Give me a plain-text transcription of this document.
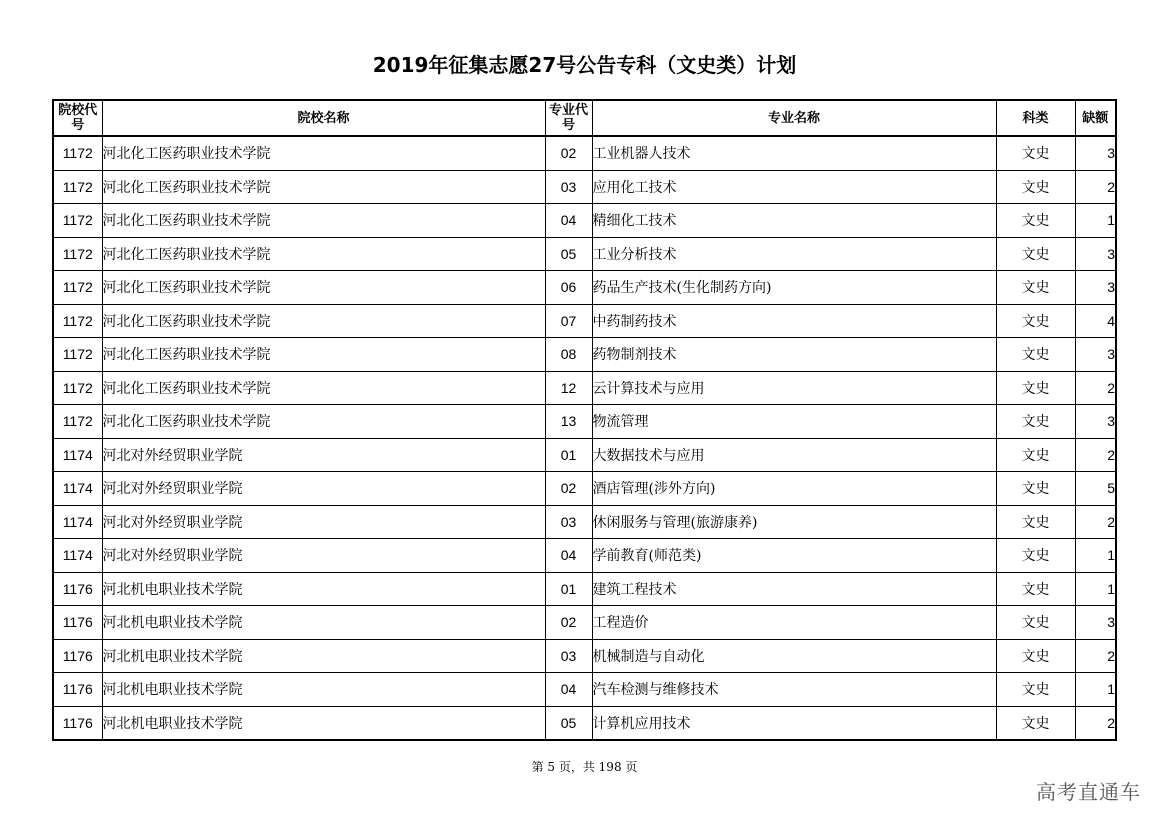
2019年征集志愿27号公告专科（文史类）计划
院校代号	院校名称	专业代号	专业名称	科类	缺额
1172	河北化工医药职业技术学院	02	工业机器人技术	文史	3
1172	河北化工医药职业技术学院	03	应用化工技术	文史	2
1172	河北化工医药职业技术学院	04	精细化工技术	文史	1
1172	河北化工医药职业技术学院	05	工业分析技术	文史	3
1172	河北化工医药职业技术学院	06	药品生产技术(生化制药方向)	文史	3
1172	河北化工医药职业技术学院	07	中药制药技术	文史	4
1172	河北化工医药职业技术学院	08	药物制剂技术	文史	3
1172	河北化工医药职业技术学院	12	云计算技术与应用	文史	2
1172	河北化工医药职业技术学院	13	物流管理	文史	3
1174	河北对外经贸职业学院	01	大数据技术与应用	文史	2
1174	河北对外经贸职业学院	02	酒店管理(涉外方向)	文史	5
1174	河北对外经贸职业学院	03	休闲服务与管理(旅游康养)	文史	2
1174	河北对外经贸职业学院	04	学前教育(师范类)	文史	1
1176	河北机电职业技术学院	01	建筑工程技术	文史	1
1176	河北机电职业技术学院	02	工程造价	文史	3
1176	河北机电职业技术学院	03	机械制造与自动化	文史	2
1176	河北机电职业技术学院	04	汽车检测与维修技术	文史	1
1176	河北机电职业技术学院	05	计算机应用技术	文史	2
第 5 页，共 198 页
高考直通车
